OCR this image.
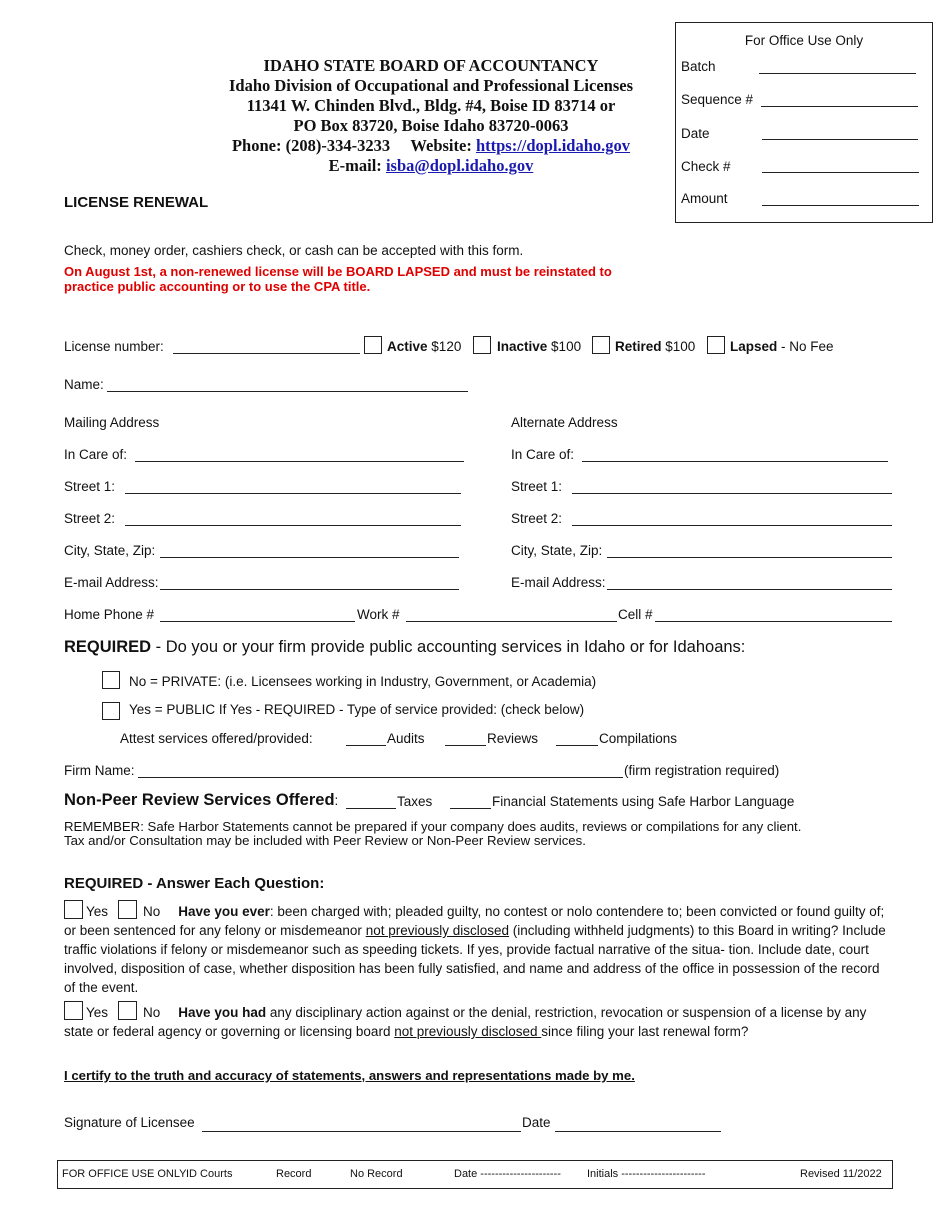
IDAHO STATE BOARD OF ACCOUNTANCY
Idaho Division of Occupational and Professional Licenses
11341 W. Chinden Blvd., Bldg. #4, Boise ID 83714 or
PO Box 83720, Boise Idaho 83720-0063
Phone: (208)-334-3233 Website: https://dopl.idaho.gov
E-mail: isba@dopl.idaho.gov
For Office Use Only
Batch
Sequence #
Date
Check #
Amount
LICENSE RENEWAL
Check, money order, cashiers check, or cash can be accepted with this form.
On August 1st, a non-renewed license will be BOARD LAPSED and must be reinstated to practice public accounting or to use the CPA title.
License number:	Active $120	Inactive $100	Retired $100	Lapsed - No Fee
Name:
Mailing Address
In Care of:
Street 1:
Street 2:
City, State, Zip:
E-mail Address:
Alternate Address
In Care of:
Street 1:
Street 2:
City, State, Zip:
E-mail Address:
Home Phone #	Work #	Cell #
REQUIRED - Do you or your firm provide public accounting services in Idaho or for Idahoans:
No = PRIVATE: (i.e. Licensees working in Industry, Government, or Academia)
Yes = PUBLIC If Yes - REQUIRED - Type of service provided: (check below)
Attest services offered/provided:	Audits	Reviews	Compilations
Firm Name:	(firm registration required)
Non-Peer Review Services Offered:	Taxes	Financial Statements using Safe Harbor Language
REMEMBER: Safe Harbor Statements cannot be prepared if your company does audits, reviews or compilations for any client.
Tax and/or Consultation may be included with Peer Review or Non-Peer Review services.
REQUIRED - Answer Each Question:
Yes	No Have you ever: been charged with; pleaded guilty, no contest or nolo contendere to; been convicted or found guilty of; or been sentenced for any felony or misdemeanor not previously disclosed (including withheld judgments) to this Board in writing? Include traffic violations if felony or misdemeanor such as speeding tickets. If yes, provide factual narrative of the situa- tion. Include date, court involved, disposition of case, whether disposition has been fully satisfied, and name and address of the office in possession of the record of the event.
Yes	No Have you had any disciplinary action against or the denial, restriction, revocation or suspension of a license by any state or federal agency or governing or licensing board not previously disclosed since filing your last renewal form?
I certify to the truth and accuracy of statements, answers and representations made by me.
Signature of Licensee	Date
FOR OFFICE USE ONLY:
ID Courts	Record	No Record	Date ---------------------- Initials -----------------------	Revised 11/2022
